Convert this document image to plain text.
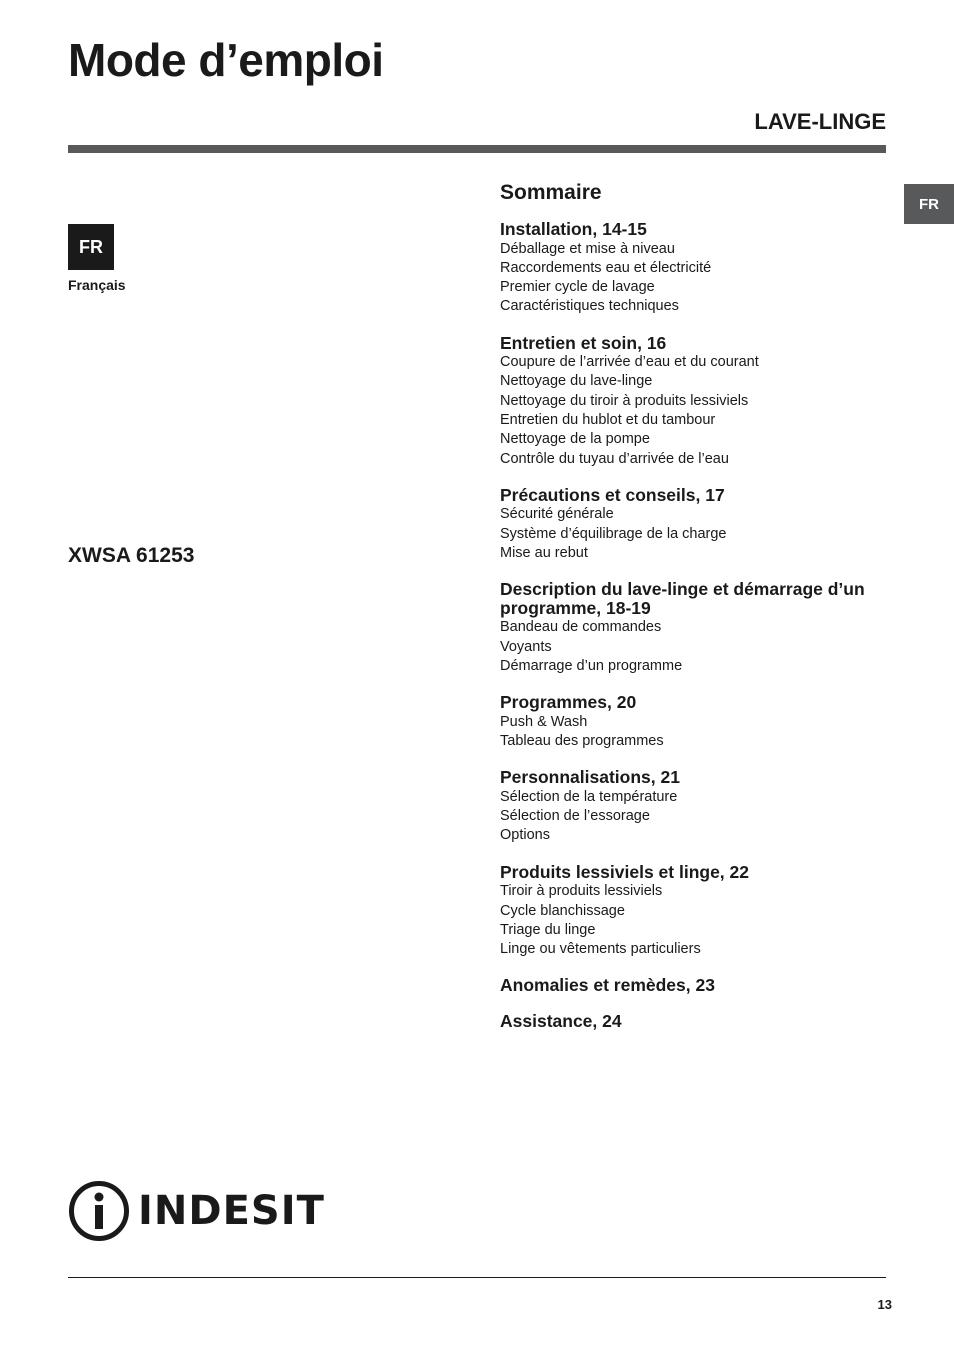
Mode d’emploi
LAVE-LINGE
FR
FR
Français
XWSA 61253
Sommaire
Installation, 14-15
Déballage et mise à niveau
Raccordements eau et électricité
Premier cycle de lavage
Caractéristiques techniques
Entretien et soin, 16
Coupure de l’arrivée d’eau et du courant
Nettoyage du lave-linge
Nettoyage du tiroir à produits lessiviels
Entretien du hublot et du tambour
Nettoyage de la pompe
Contrôle du tuyau d’arrivée de l’eau
Précautions et conseils, 17
Sécurité générale
Système d’équilibrage de la charge
Mise au rebut
Description du lave-linge et démarrage d’un programme, 18-19
Bandeau de commandes
Voyants
Démarrage d’un programme
Programmes, 20
Push & Wash
Tableau des programmes
Personnalisations, 21
Sélection de la température
Sélection de l’essorage
Options
Produits lessiviels et linge, 22
Tiroir à produits lessiviels
Cycle blanchissage
Triage du linge
Linge ou vêtements particuliers
Anomalies et remèdes, 23
Assistance, 24
INDESIT
13
